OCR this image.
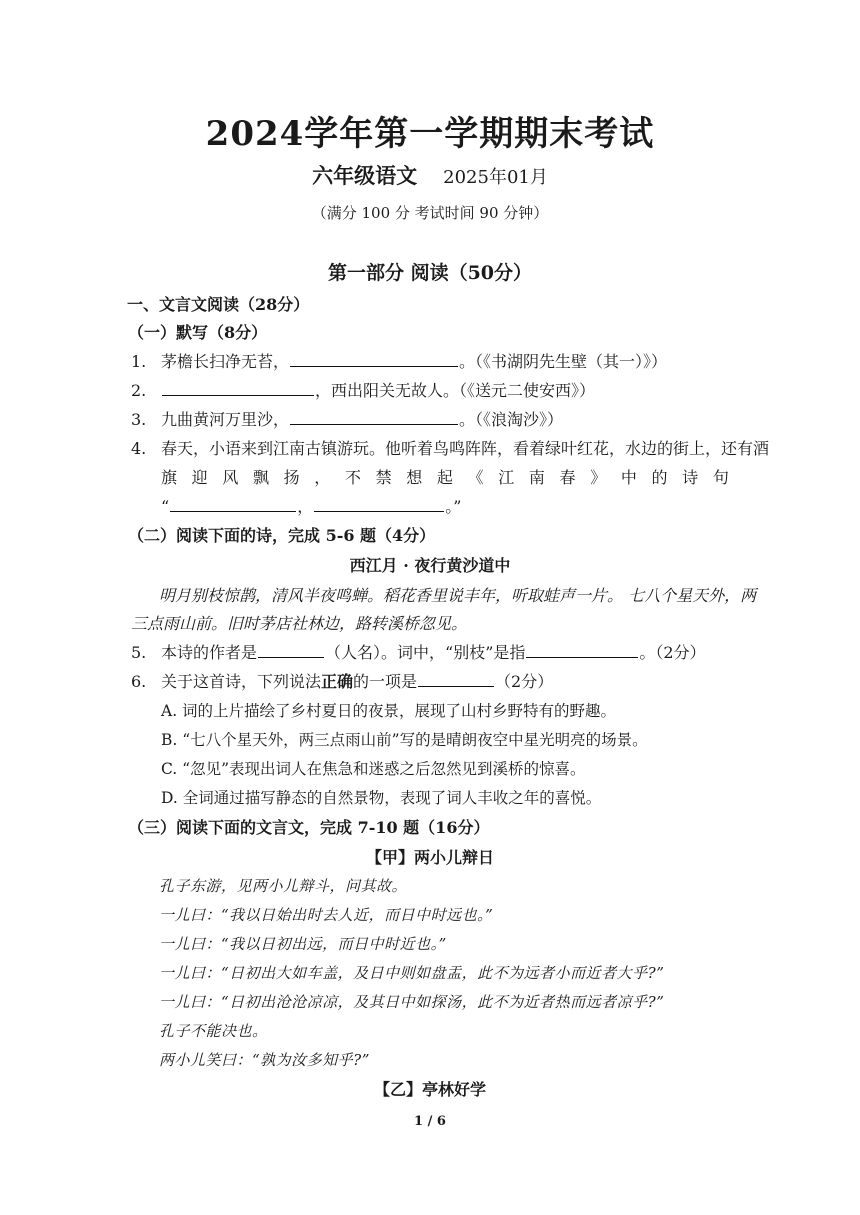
2024学年第一学期期末考试
六年级语文 2025年01月
（满分 100 分 考试时间 90 分钟）
第一部分 阅读（50分）
一、文言文阅读（28分）
（一）默写（8分）
1. 茅檐长扫净无苔，	。（《书湖阴先生壁（其一）》）
2.	，西出阳关无故人。（《送元二使安西》）
3. 九曲黄河万里沙，	。（《浪淘沙》）
4. 春天，小语来到江南古镇游玩。他听着鸟鸣阵阵，看着绿叶红花，水边的街上，还有酒
旗 迎 风 飘 扬 ， 不 禁 想 起 《 江 南 春 》 中 的 诗 句
“	，	。”
（二）阅读下面的诗，完成 5-6 题（4分）
西江月 · 夜行黄沙道中
明月别枝惊鹊，清风半夜鸣蝉。稻花香里说丰年，听取蛙声一片。 七八个星天外，两
三点雨山前。旧时茅店社林边，路转溪桥忽见。
5. 本诗的作者是	（人名）。词中，“别枝”是指	。（2分）
6. 关于这首诗，下列说法正确的一项是	（2分）
A. 词的上片描绘了乡村夏日的夜景，展现了山村乡野特有的野趣。
B. “七八个星天外，两三点雨山前”写的是晴朗夜空中星光明亮的场景。
C. “忽见”表现出词人在焦急和迷惑之后忽然见到溪桥的惊喜。
D. 全词通过描写静态的自然景物，表现了词人丰收之年的喜悦。
（三）阅读下面的文言文，完成 7-10 题（16分）
【甲】两小儿辩日
孔子东游，见两小儿辩斗，问其故。
一儿曰：“我以日始出时去人近，而日中时远也。”
一儿曰：“我以日初出远，而日中时近也。”
一儿曰：“日初出大如车盖，及日中则如盘盂，此不为远者小而近者大乎?”
一儿曰：“日初出沧沧凉凉，及其日中如探汤，此不为近者热而远者凉乎?”
孔子不能决也。
两小儿笑曰：“孰为汝多知乎?”
【乙】亭林好学
1 / 6
